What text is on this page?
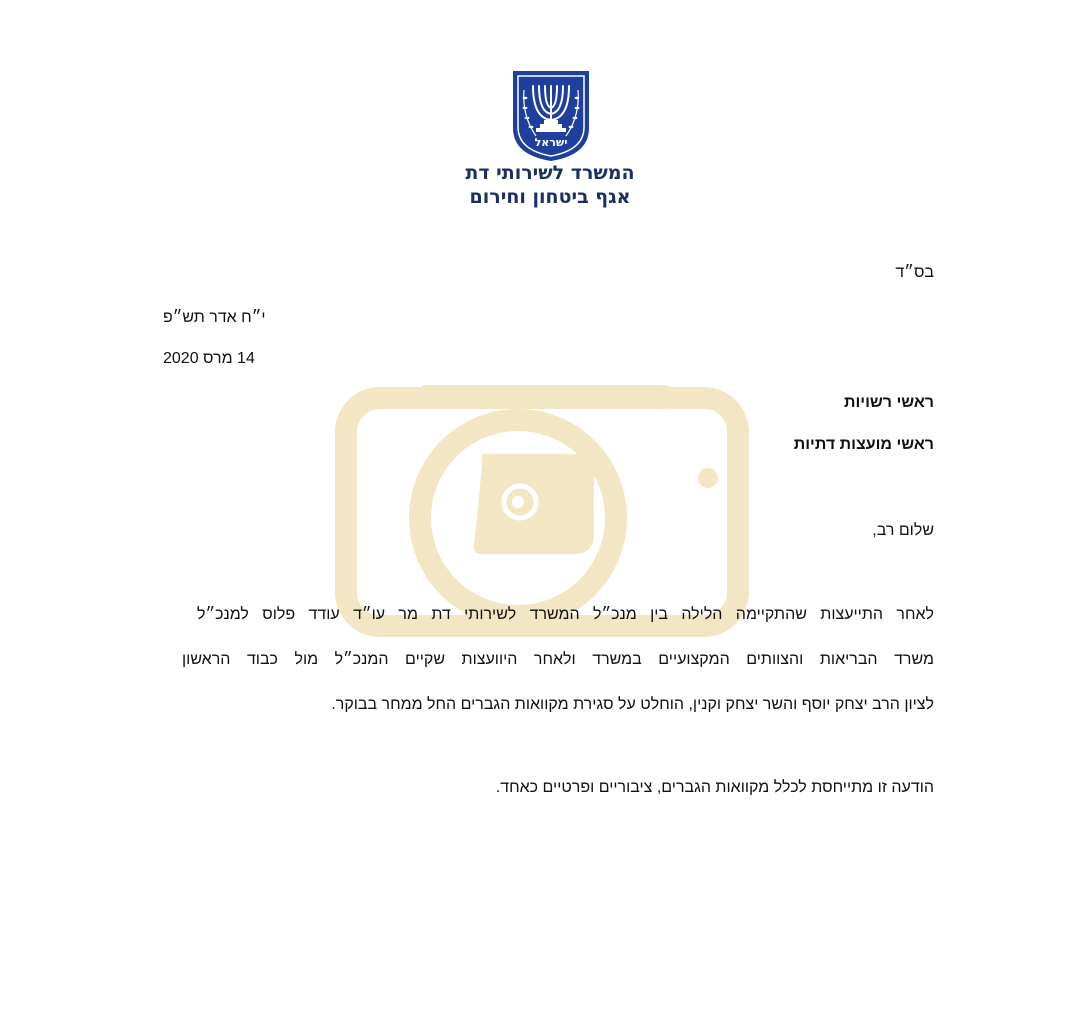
ישראל
המשרד לשירותי דת
אגף ביטחון וחירום
בס״ד
י״ח אדר תש״פ
14 מרס 2020
ראשי רשויות
ראשי מועצות דתיות
שלום רב,
לאחר התייעצות שהתקיימה הלילה בין מנכ״ל המשרד לשירותי דת מר עו״ד עודד פלוס למנכ״ל
משרד הבריאות והצוותים המקצועיים במשרד ולאחר היוועצות שקיים המנכ״ל מול כבוד הראשון
לציון הרב יצחק יוסף והשר יצחק וקנין, הוחלט על סגירת מקוואות הגברים החל ממחר בבוקר.
הודעה זו מתייחסת לכלל מקוואות הגברים, ציבוריים ופרטיים כאחד.
